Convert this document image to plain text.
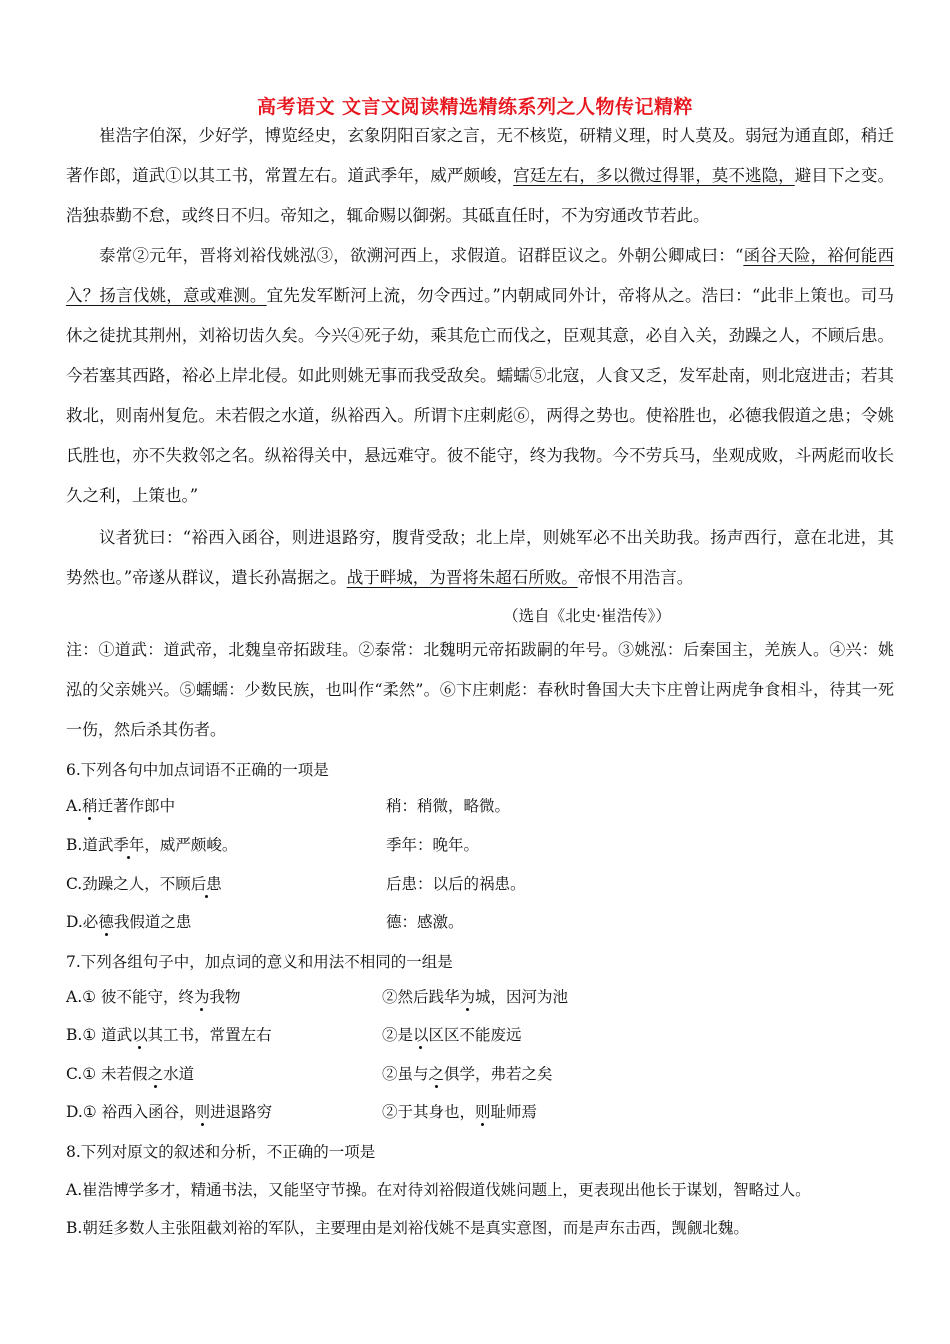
高考语文 文言文阅读精选精练系列之人物传记精粹
崔浩字伯深，少好学，博览经史，玄象阴阳百家之言，无不核览，研精义理，时人莫及。弱冠为通直郎，稍迁著作郎，道武①以其工书，常置左右。道武季年，威严颇峻，宫廷左右，多以微过得罪，莫不逃隐，避目下之变。浩独恭勤不怠，或终日不归。帝知之，辄命赐以御粥。其砥直任时，不为穷通改节若此。
泰常②元年，晋将刘裕伐姚泓③，欲溯河西上，求假道。诏群臣议之。外朝公卿咸曰：“函谷天险，裕何能西入？扬言伐姚，意或难测。宜先发军断河上流，勿令西过。”内朝咸同外计，帝将从之。浩曰：“此非上策也。司马休之徒扰其荆州，刘裕切齿久矣。今兴④死子幼，乘其危亡而伐之，臣观其意，必自入关，劲躁之人，不顾后患。今若塞其西路，裕必上岸北侵。如此则姚无事而我受敌矣。蠕蠕⑤北寇，人食又乏，发军赴南，则北寇进击；若其救北，则南州复危。未若假之水道，纵裕西入。所谓卞庄刺彪⑥，两得之势也。使裕胜也，必德我假道之患；令姚氏胜也，亦不失救邻之名。纵裕得关中，悬远难守。彼不能守，终为我物。今不劳兵马，坐观成败，斗两彪而收长久之利，上策也。”
议者犹曰：“裕西入函谷，则进退路穷，腹背受敌；北上岸，则姚军必不出关助我。扬声西行，意在北进，其势然也。”帝遂从群议，遣长孙嵩据之。战于畔城，为晋将朱超石所败。帝恨不用浩言。
（选自《北史·崔浩传》）
注：①道武：道武帝，北魏皇帝拓跋珪。②泰常：北魏明元帝拓跋嗣的年号。③姚泓：后秦国主，羌族人。④兴：姚泓的父亲姚兴。⑤蠕蠕：少数民族，也叫作“柔然”。⑥卞庄刺彪：春秋时鲁国大夫卞庄曾让两虎争食相斗，待其一死一伤，然后杀其伤者。
6.下列各句中加点词语不正确的一项是
A.稍迁著作郎中	稍：稍微，略微。
B.道武季年，威严颇峻。	季年：晚年。
C.劲躁之人，不顾后患	后患：以后的祸患。
D.必德我假道之患	德：感激。
7.下列各组句子中，加点词的意义和用法不相同的一组是
A.① 彼不能守，终为我物	②然后践华为城，因河为池
B.① 道武以其工书，常置左右	②是以区区不能废远
C.① 未若假之水道	②虽与之俱学，弗若之矣
D.① 裕西入函谷，则进退路穷	②于其身也，则耻师焉
8.下列对原文的叙述和分析，不正确的一项是
A.崔浩博学多才，精通书法，又能坚守节操。在对待刘裕假道伐姚问题上，更表现出他长于谋划，智略过人。
B.朝廷多数人主张阻截刘裕的军队，主要理由是刘裕伐姚不是真实意图，而是声东击西，觊觎北魏。
